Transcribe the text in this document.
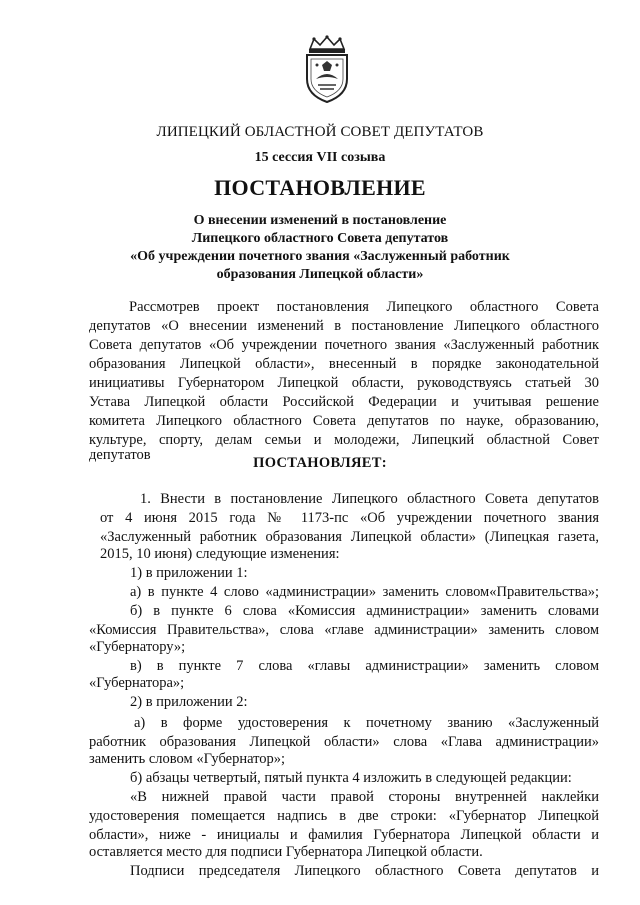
ЛИПЕЦКИЙ ОБЛАСТНОЙ СОВЕТ ДЕПУТАТОВ
15 сессия VII созыва
ПОСТАНОВЛЕНИЕ
О внесении изменений в постановление
Липецкого областного Совета депутатов
«Об учреждении почетного звания «Заслуженный работник
образования Липецкой области»
Рассмотрев проект постановления Липецкого областного Совета
депутатов «О внесении изменений в постановление Липецкого областного
Совета депутатов «Об учреждении почетного звания «Заслуженный работник
образования Липецкой области», внесенный в порядке законодательной
инициативы Губернатором Липецкой области, руководствуясь статьей 30
Устава Липецкой области Российской Федерации и учитывая решение
комитета Липецкого областного Совета депутатов по науке, образованию,
культуре, спорту, делам семьи и молодежи, Липецкий областной Совет
депутатов	ПОСТАНОВЛЯЕТ:
1. Внести в постановление Липецкого областного Совета депутатов
от 4 июня 2015 года № 1173-пс «Об учреждении почетного звания
«Заслуженный работник образования Липецкой области» (Липецкая газета,
2015, 10 июня) следующие изменения:
1) в приложении 1:
а) в пункте 4 слово «администрации» заменить словом«Правительства»;
б) в пункте 6 слова «Комиссия администрации» заменить словами
«Комиссия Правительства», слова «главе администрации» заменить словом
«Губернатору»;
в) в пункте 7 слова «главы администрации» заменить словом
«Губернатора»;
2) в приложении 2:
а) в форме удостоверения к почетному званию «Заслуженный
работник образования Липецкой области» слова «Глава администрации»
заменить словом «Губернатор»;
б) абзацы четвертый, пятый пункта 4 изложить в следующей редакции:
«В нижней правой части правой стороны внутренней наклейки
удостоверения помещается надпись в две строки: «Губернатор Липецкой
области», ниже - инициалы и фамилия Губернатора Липецкой области и
оставляется место для подписи Губернатора Липецкой области.
Подписи председателя Липецкого областного Совета депутатов и
